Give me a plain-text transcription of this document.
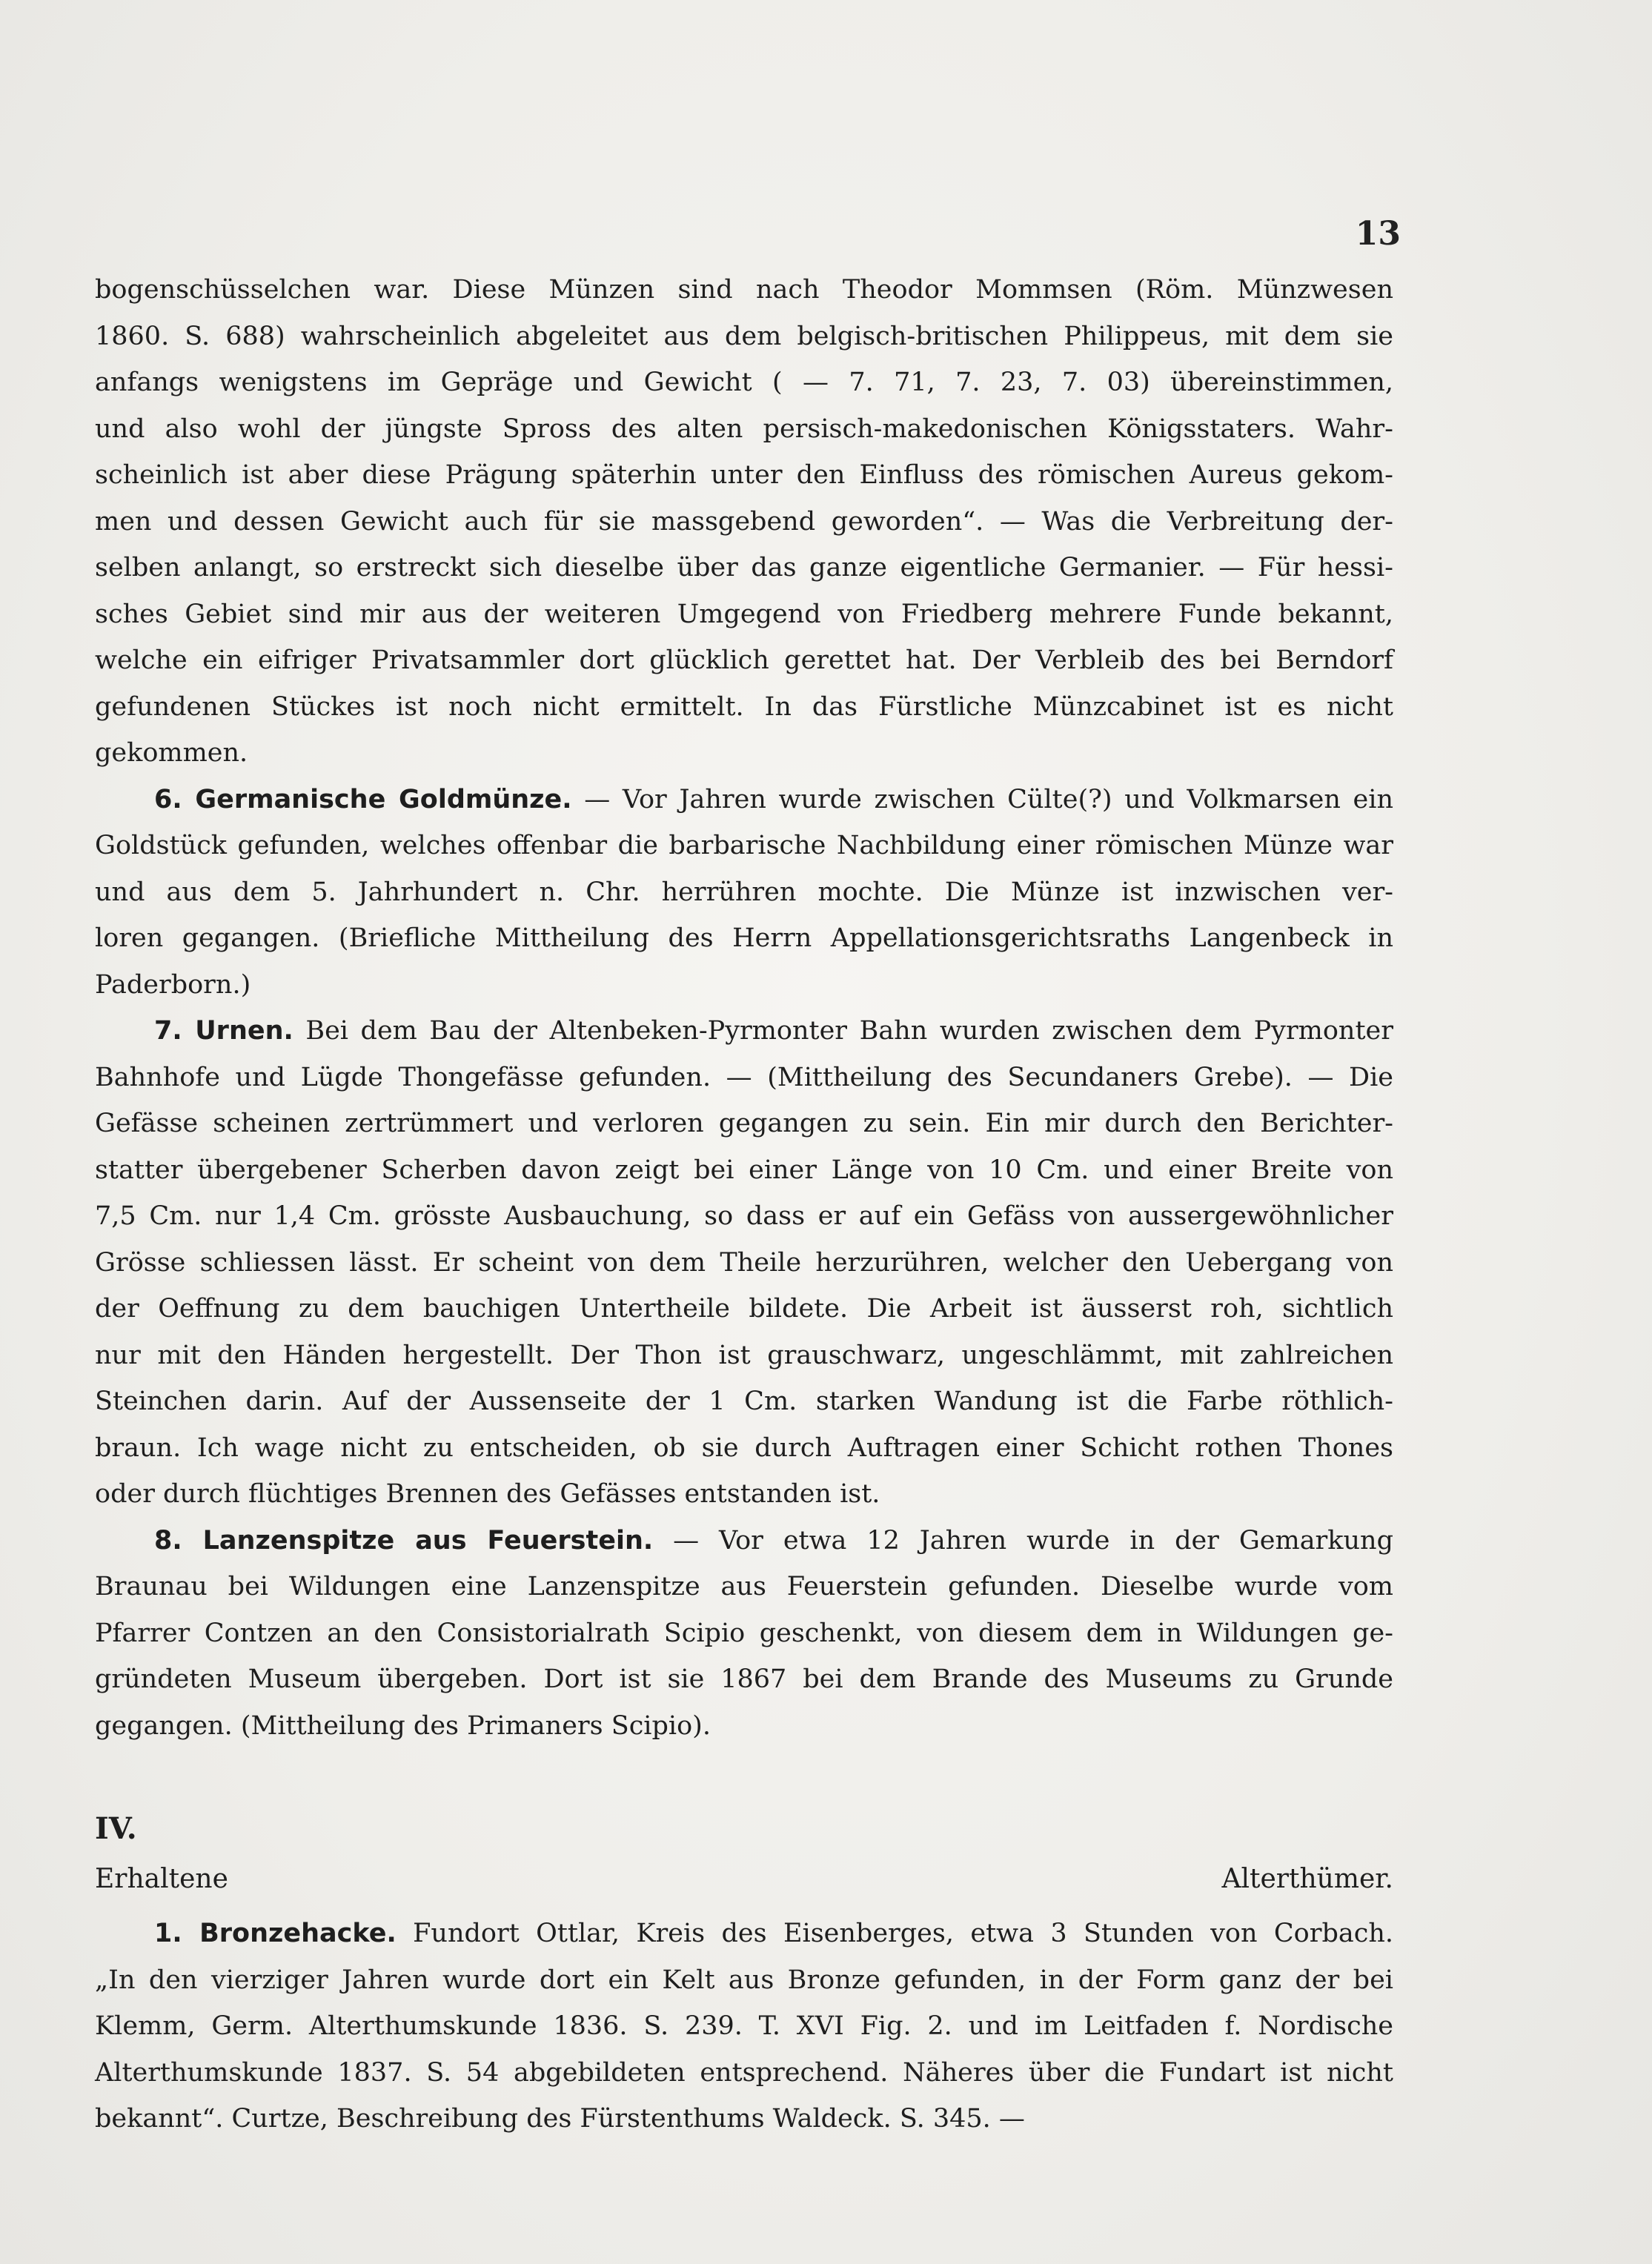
13
bogenschüsselchen war. Diese Münzen sind nach Theodor Mommsen (Röm. Münzwesen
1860. S. 688) wahrscheinlich abgeleitet aus dem belgisch-britischen Philippeus, mit dem sie
anfangs wenigstens im Gepräge und Gewicht ( — 7. 71, 7. 23, 7. 03) übereinstimmen,
und also wohl der jüngste Spross des alten persisch-makedonischen Königsstaters. Wahr-
scheinlich ist aber diese Prägung späterhin unter den Einfluss des römischen Aureus gekom-
men und dessen Gewicht auch für sie massgebend geworden“. — Was die Verbreitung der-
selben anlangt, so erstreckt sich dieselbe über das ganze eigentliche Germanier. — Für hessi-
sches Gebiet sind mir aus der weiteren Umgegend von Friedberg mehrere Funde bekannt,
welche ein eifriger Privatsammler dort glücklich gerettet hat. Der Verbleib des bei Berndorf
gefundenen Stückes ist noch nicht ermittelt. In das Fürstliche Münzcabinet ist es nicht
gekommen.
6. Germanische Goldmünze. — Vor Jahren wurde zwischen Cülte(?) und Volkmarsen ein
Goldstück gefunden, welches offenbar die barbarische Nachbildung einer römischen Münze war
und aus dem 5. Jahrhundert n. Chr. herrühren mochte. Die Münze ist inzwischen ver-
loren gegangen. (Briefliche Mittheilung des Herrn Appellationsgerichtsraths Langenbeck in
Paderborn.)
7. Urnen. Bei dem Bau der Altenbeken-Pyrmonter Bahn wurden zwischen dem Pyrmonter
Bahnhofe und Lügde Thongefässe gefunden. — (Mittheilung des Secundaners Grebe). — Die
Gefässe scheinen zertrümmert und verloren gegangen zu sein. Ein mir durch den Berichter-
statter übergebener Scherben davon zeigt bei einer Länge von 10 Cm. und einer Breite von
7,5 Cm. nur 1,4 Cm. grösste Ausbauchung, so dass er auf ein Gefäss von aussergewöhnlicher
Grösse schliessen lässt. Er scheint von dem Theile herzurühren, welcher den Uebergang von
der Oeffnung zu dem bauchigen Untertheile bildete. Die Arbeit ist äusserst roh, sichtlich
nur mit den Händen hergestellt. Der Thon ist grauschwarz, ungeschlämmt, mit zahlreichen
Steinchen darin. Auf der Aussenseite der 1 Cm. starken Wandung ist die Farbe röthlich-
braun. Ich wage nicht zu entscheiden, ob sie durch Auftragen einer Schicht rothen Thones
oder durch flüchtiges Brennen des Gefässes entstanden ist.
8. Lanzenspitze aus Feuerstein. — Vor etwa 12 Jahren wurde in der Gemarkung
Braunau bei Wildungen eine Lanzenspitze aus Feuerstein gefunden. Dieselbe wurde vom
Pfarrer Contzen an den Consistorialrath Scipio geschenkt, von diesem dem in Wildungen ge-
gründeten Museum übergeben. Dort ist sie 1867 bei dem Brande des Museums zu Grunde
gegangen. (Mittheilung des Primaners Scipio).
IV.
Erhaltene Alterthümer.
1. Bronzehacke. Fundort Ottlar, Kreis des Eisenberges, etwa 3 Stunden von Corbach.
„In den vierziger Jahren wurde dort ein Kelt aus Bronze gefunden, in der Form ganz der bei
Klemm, Germ. Alterthumskunde 1836. S. 239. T. XVI Fig. 2. und im Leitfaden f. Nordische
Alterthumskunde 1837. S. 54 abgebildeten entsprechend. Näheres über die Fundart ist nicht
bekannt“. Curtze, Beschreibung des Fürstenthums Waldeck. S. 345. —
